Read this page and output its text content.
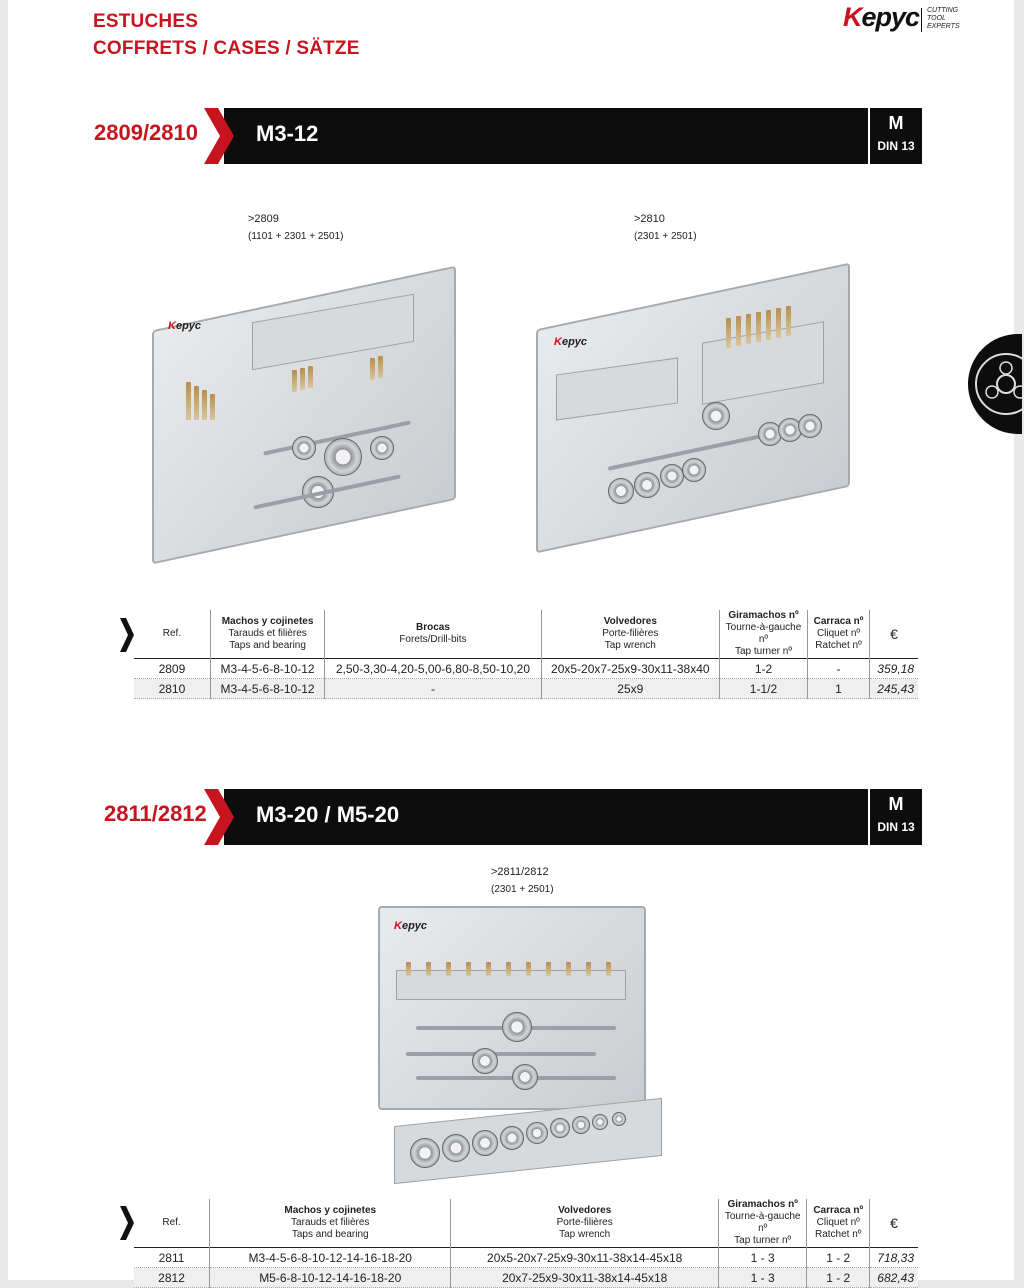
ESTUCHES
COFFRETS / CASES / SÄTZE
Kepyc CUTTING
TOOL
EXPERTS
2809/2810	M3-12	M
DIN 13
>2809
(1101 + 2301 + 2501)
>2810
(2301 + 2501)
Kepyc
Kepyc
Ref.	Machos y cojinetes
Tarauds et filières
Taps and bearing	Brocas
Forets/Drill-bits	Volvedores
Porte-filières
Tap wrench	Giramachos nº
Tourne-à-gauche nº
Tap turner nº	Carraca nº
Cliquet nº
Ratchet nº	€
2809	M3-4-5-6-8-10-12	2,50-3,30-4,20-5,00-6,80-8,50-10,20	20x5-20x7-25x9-30x11-38x40	1-2	-	359,18
2810	M3-4-5-6-8-10-12	-	25x9	1-1/2	1	245,43
2811/2812 M3-20 / M5-20	M
DIN 13
>2811/2812
(2301 + 2501)
Kepyc
Ref.	Machos y cojinetes
Tarauds et filières
Taps and bearing	Volvedores
Porte-filières
Tap wrench	Giramachos nº
Tourne-à-gauche nº
Tap turner nº	Carraca nº
Cliquet nº
Ratchet nº	€
2811	M3-4-5-6-8-10-12-14-16-18-20	20x5-20x7-25x9-30x11-38x14-45x18	1 - 3	1 - 2	718,33
2812	M5-6-8-10-12-14-16-18-20	20x7-25x9-30x11-38x14-45x18	1 - 3	1 - 2	682,43
